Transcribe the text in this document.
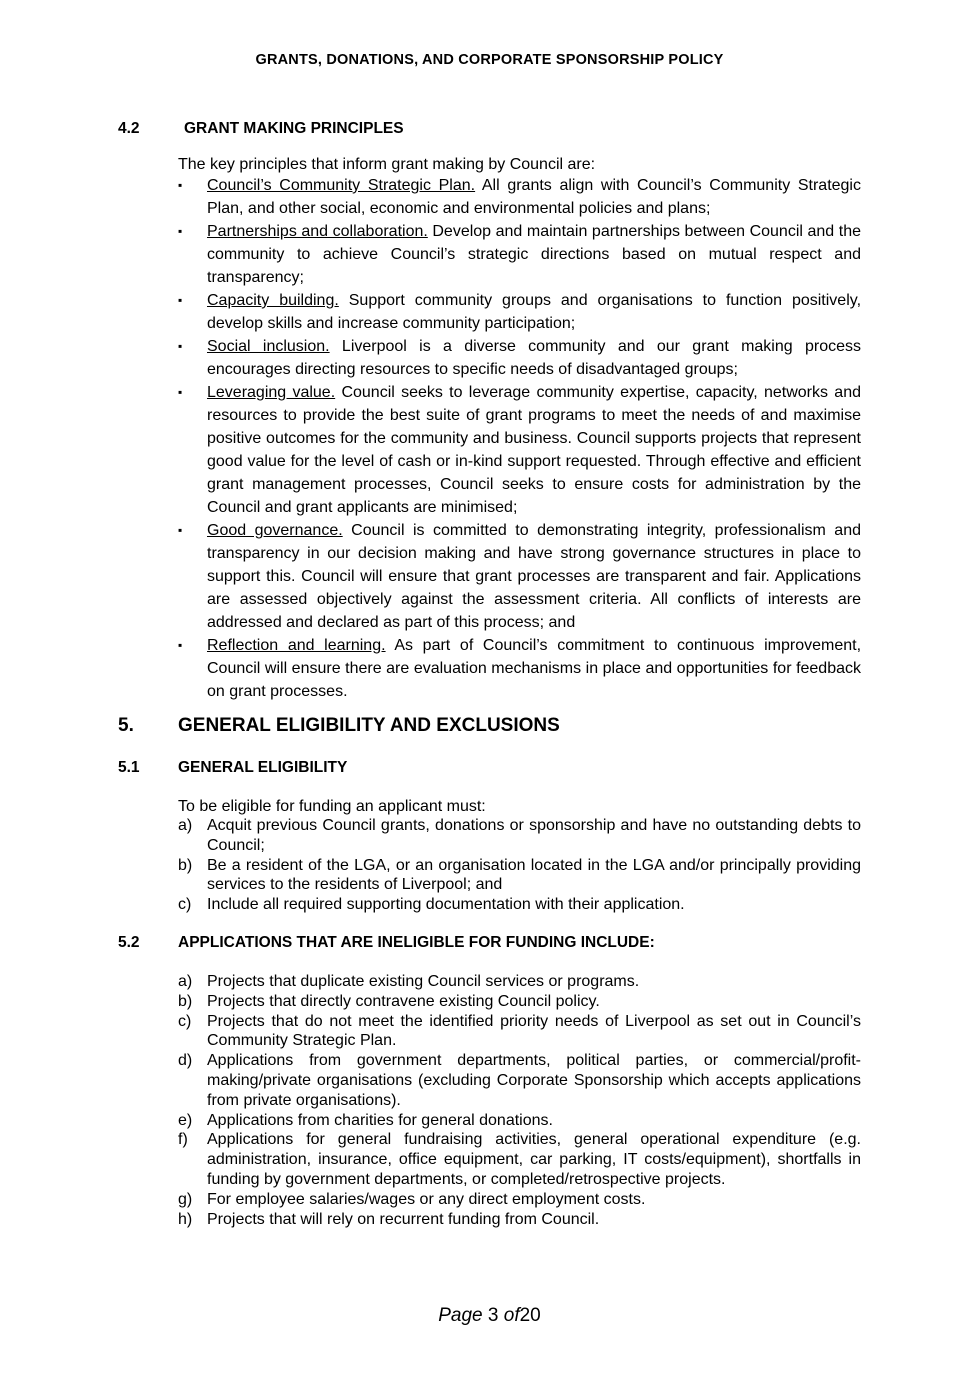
GRANTS, DONATIONS, AND CORPORATE SPONSORSHIP POLICY
4.2	GRANT MAKING PRINCIPLES

The key principles that inform grant making by Council are:

▪ Council’s Community Strategic Plan. All grants align with Council’s Community Strategic Plan, and other social, economic and environmental policies and plans;
▪ Partnerships and collaboration. Develop and maintain partnerships between Council and the community to achieve Council’s strategic directions based on mutual respect and transparency;
▪ Capacity building. Support community groups and organisations to function positively, develop skills and increase community participation;
▪ Social inclusion. Liverpool is a diverse community and our grant making process encourages directing resources to specific needs of disadvantaged groups;
▪ Leveraging value. Council seeks to leverage community expertise, capacity, networks and resources to provide the best suite of grant programs to meet the needs of and maximise positive outcomes for the community and business. Council supports projects that represent good value for the level of cash or in-kind support requested. Through effective and efficient grant management processes, Council seeks to ensure costs for administration by the Council and grant applicants are minimised;
▪ Good governance. Council is committed to demonstrating integrity, professionalism and transparency in our decision making and have strong governance structures in place to support this. Council will ensure that grant processes are transparent and fair. Applications are assessed objectively against the assessment criteria. All conflicts of interests are addressed and declared as part of this process; and
▪ Reflection and learning. As part of Council’s commitment to continuous improvement, Council will ensure there are evaluation mechanisms in place and opportunities for feedback on grant processes.
5.	GENERAL ELIGIBILITY AND EXCLUSIONS
5.1	GENERAL ELIGIBILITY

To be eligible for funding an applicant must:

a) Acquit previous Council grants, donations or sponsorship and have no outstanding debts to Council;
b) Be a resident of the LGA, or an organisation located in the LGA and/or principally providing services to the residents of Liverpool; and
c) Include all required supporting documentation with their application.
5.2	APPLICATIONS THAT ARE INELIGIBLE FOR FUNDING INCLUDE:
a) Projects that duplicate existing Council services or programs.
b) Projects that directly contravene existing Council policy.
c) Projects that do not meet the identified priority needs of Liverpool as set out in Council’s Community Strategic Plan.
d) Applications from government departments, political parties, or commercial/profit-making/private organisations (excluding Corporate Sponsorship which accepts applications from private organisations).
e) Applications from charities for general donations.
f) Applications for general fundraising activities, general operational expenditure (e.g. administration, insurance, office equipment, car parking, IT costs/equipment), shortfalls in funding by government departments, or completed/retrospective projects.
g) For employee salaries/wages or any direct employment costs.
h) Projects that will rely on recurrent funding from Council.
Page 3 of20
